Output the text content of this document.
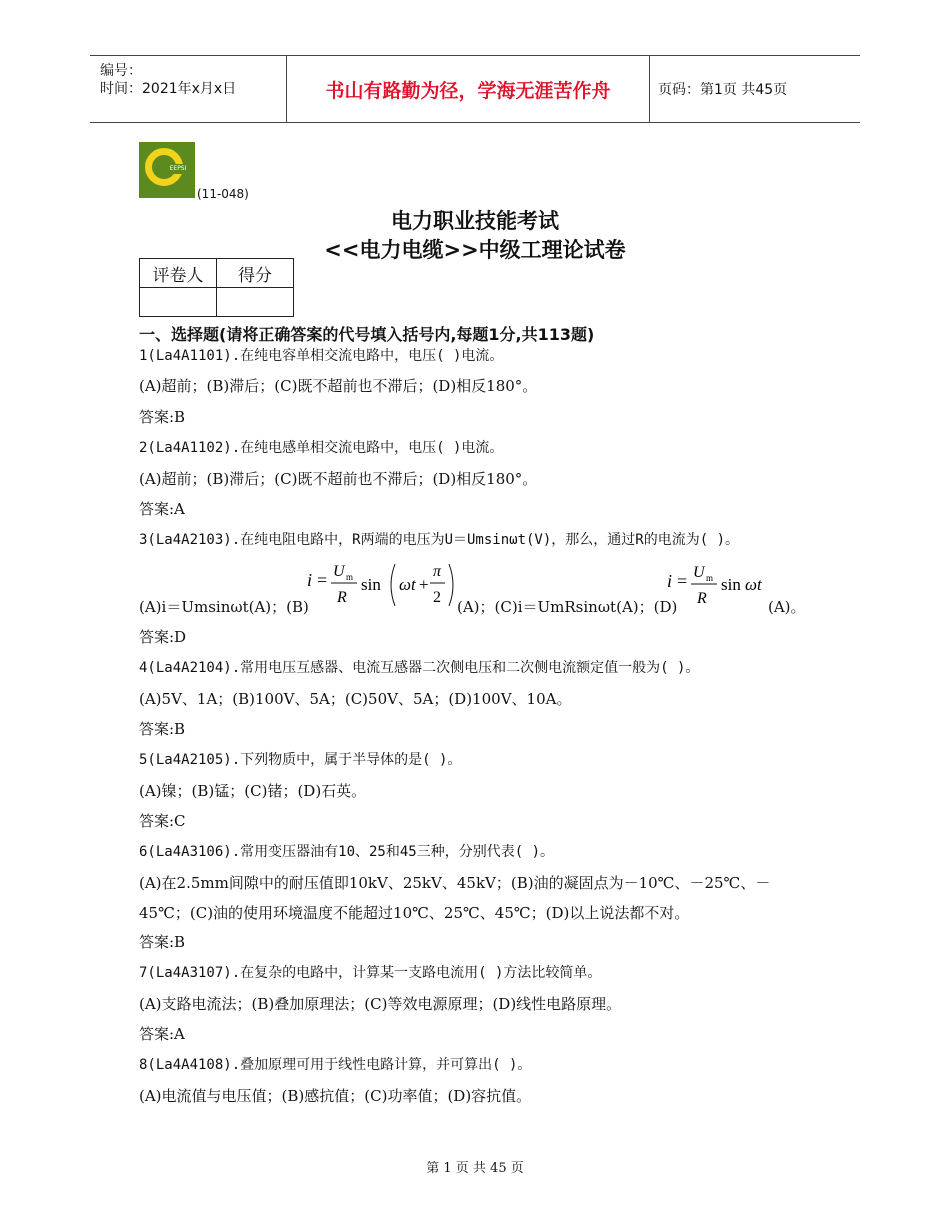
编号：
时间：2021年x月x日	书山有路勤为径，学海无涯苦作舟	页码：第1页 共45页
EEPSI
(11-048)
电力职业技能考试
<<电力电缆>>中级工理论试卷
评卷人	得分

一、选择题(请将正确答案的代号填入括号内,每题1分,共113题)
1(La4A1101).在纯电容单相交流电路中，电压( )电流。
(A)超前；(B)滞后；(C)既不超前也不滞后；(D)相反180°。
答案:B
2(La4A1102).在纯电感单相交流电路中，电压( )电流。
(A)超前；(B)滞后；(C)既不超前也不滞后；(D)相反180°。
答案:A
3(La4A2103).在纯电阻电路中，R两端的电压为U＝Umsinωt(V)，那么，通过R的电流为( )。
(A)i＝Umsinωt(A)；(B)
i = U m
R
sin ωt +
π
2
(A)；(C)i＝UmRsinωt(A)；(D)
i = U m
R
sin ωt
(A)。
答案:D
4(La4A2104).常用电压互感器、电流互感器二次侧电压和二次侧电流额定值一般为( )。
(A)5V、1A；(B)100V、5A；(C)50V、5A；(D)100V、10A。
答案:B
5(La4A2105).下列物质中，属于半导体的是( )。
(A)镍；(B)锰；(C)锗；(D)石英。
答案:C
6(La4A3106).常用变压器油有10、25和45三种，分别代表( )。
(A)在2.5mm间隙中的耐压值即10kV、25kV、45kV；(B)油的凝固点为－10℃、－25℃、－
45℃；(C)油的使用环境温度不能超过10℃、25℃、45℃；(D)以上说法都不对。
答案:B
7(La4A3107).在复杂的电路中，计算某一支路电流用( )方法比较简单。
(A)支路电流法；(B)叠加原理法；(C)等效电源原理；(D)线性电路原理。
答案:A
8(La4A4108).叠加原理可用于线性电路计算，并可算出( )。
(A)电流值与电压值；(B)感抗值；(C)功率值；(D)容抗值。
第 1 页 共 45 页
